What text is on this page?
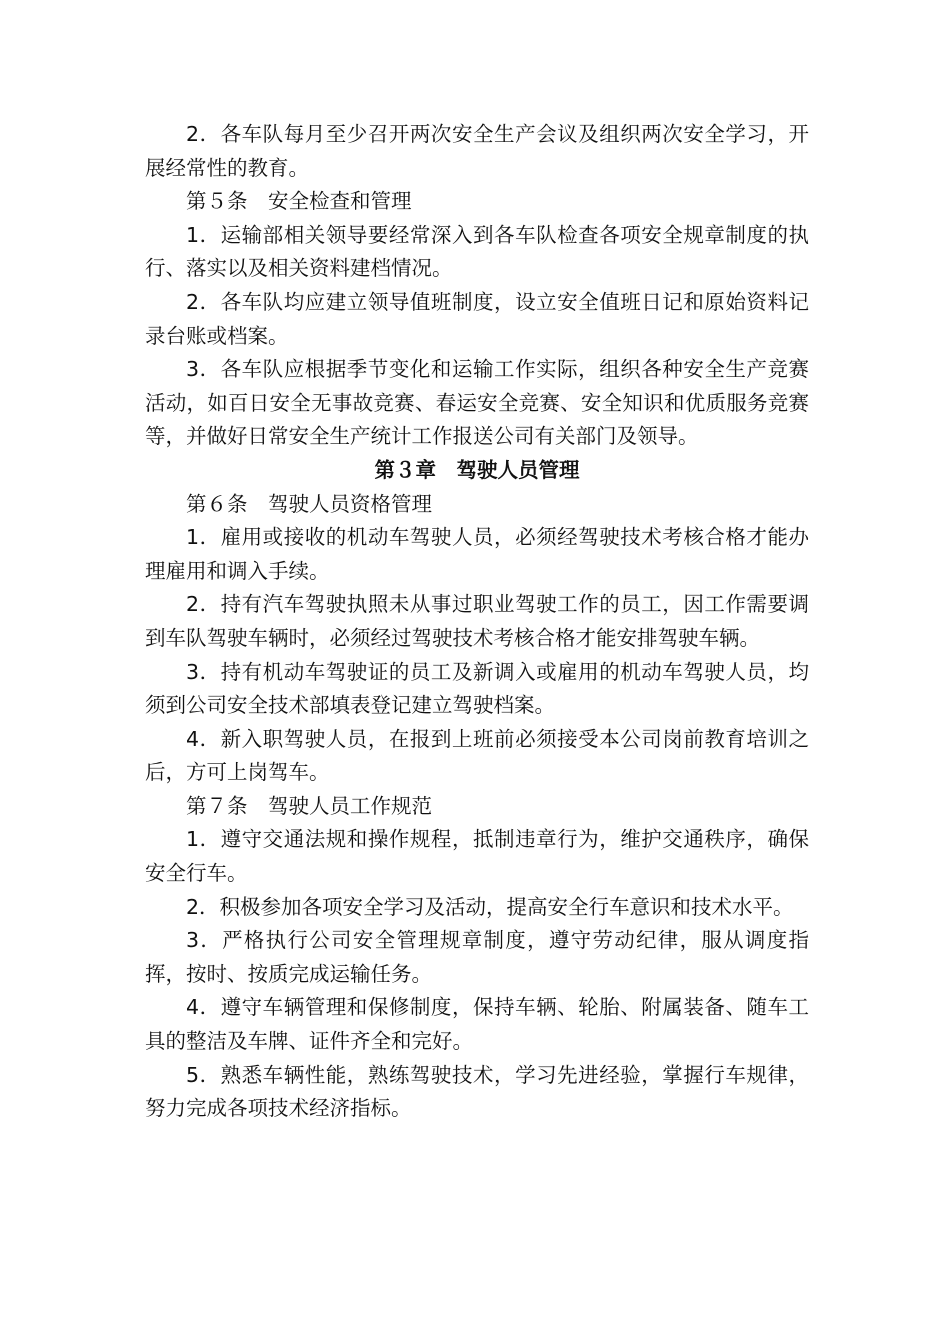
2．各车队每月至少召开两次安全生产会议及组织两次安全学习，开展经常性的教育。

第５条　安全检查和管理

1．运输部相关领导要经常深入到各车队检查各项安全规章制度的执行、落实以及相关资料建档情况。

2．各车队均应建立领导值班制度，设立安全值班日记和原始资料记录台账或档案。

3．各车队应根据季节变化和运输工作实际，组织各种安全生产竞赛活动，如百日安全无事故竞赛、春运安全竞赛、安全知识和优质服务竞赛等，并做好日常安全生产统计工作报送公司有关部门及领导。

第３章　驾驶人员管理

第６条　驾驶人员资格管理

1．雇用或接收的机动车驾驶人员，必须经驾驶技术考核合格才能办理雇用和调入手续。

2．持有汽车驾驶执照未从事过职业驾驶工作的员工，因工作需要调到车队驾驶车辆时，必须经过驾驶技术考核合格才能安排驾驶车辆。

3．持有机动车驾驶证的员工及新调入或雇用的机动车驾驶人员，均须到公司安全技术部填表登记建立驾驶档案。

4．新入职驾驶人员，在报到上班前必须接受本公司岗前教育培训之后，方可上岗驾车。

第７条　驾驶人员工作规范

1．遵守交通法规和操作规程，抵制违章行为，维护交通秩序，确保安全行车。

2．积极参加各项安全学习及活动，提高安全行车意识和技术水平。

3．严格执行公司安全管理规章制度，遵守劳动纪律，服从调度指挥，按时、按质完成运输任务。

4．遵守车辆管理和保修制度，保持车辆、轮胎、附属装备、随车工具的整洁及车牌、证件齐全和完好。

5．熟悉车辆性能，熟练驾驶技术，学习先进经验，掌握行车规律，努力完成各项技术经济指标。
